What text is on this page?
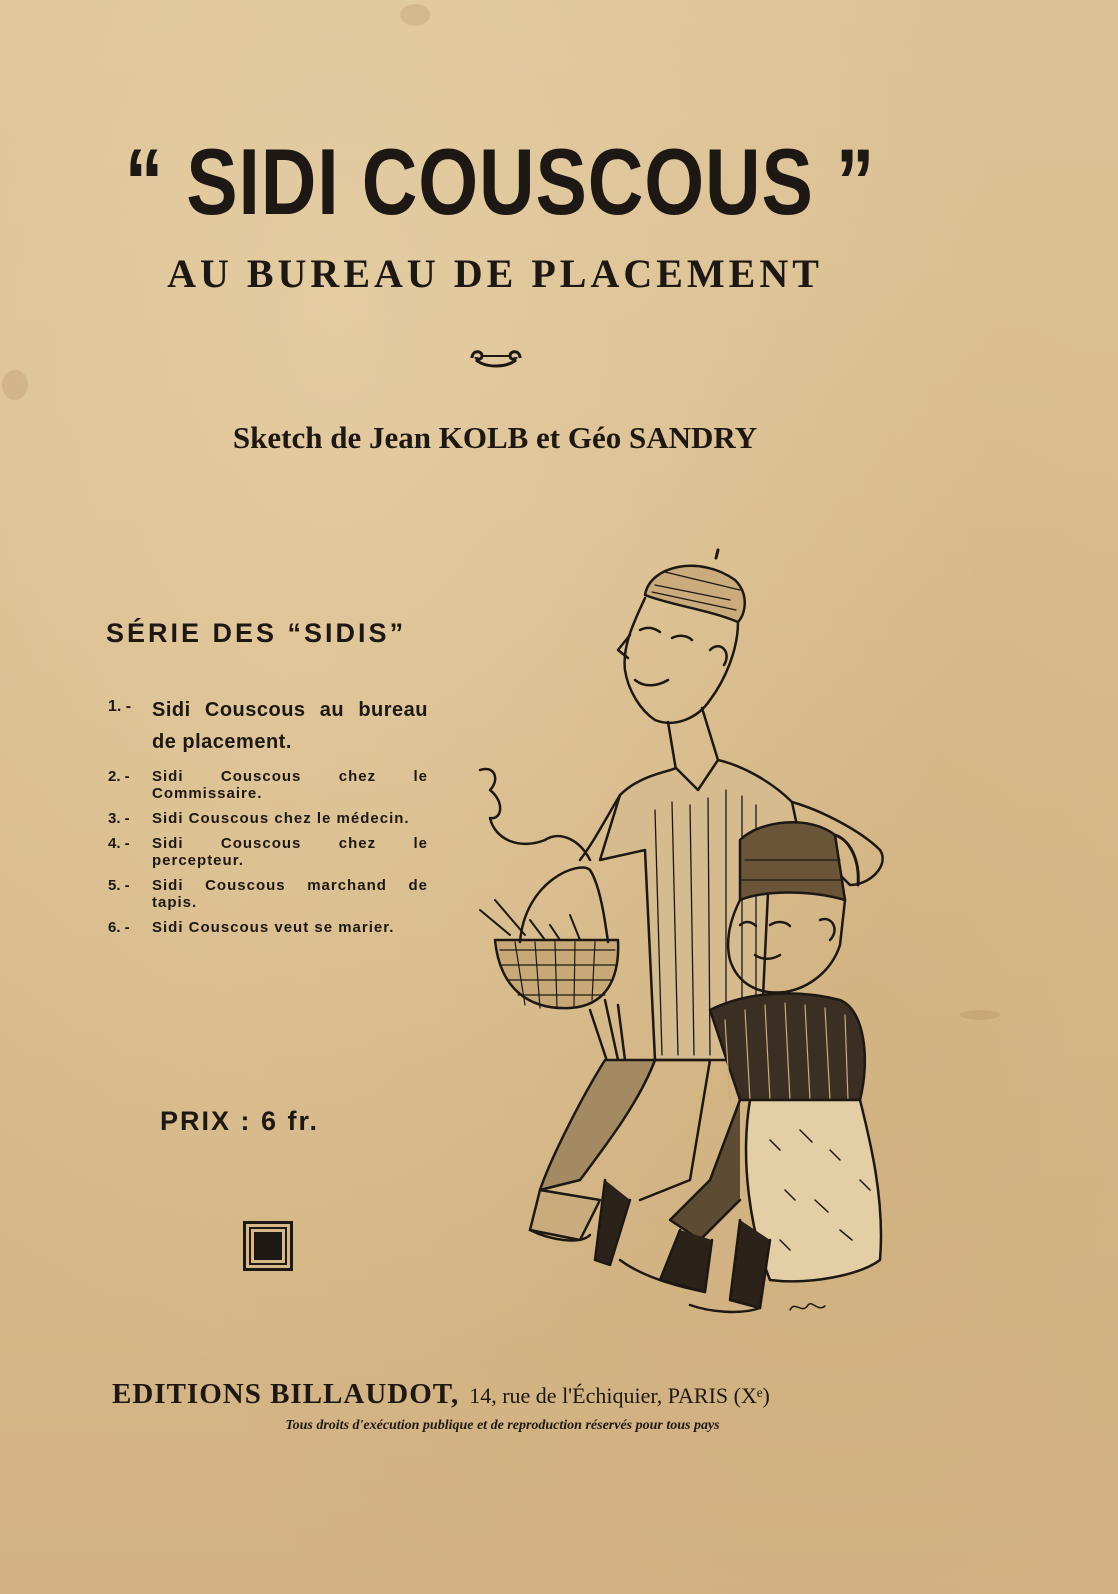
“ SIDI COUSCOUS ”
AU BUREAU DE PLACEMENT
Sketch de Jean KOLB et Géo SANDRY
SÉRIE DES “SIDIS”
1. -	Sidi Couscous au bureau de placement.
2. -	Sidi Couscous chez le Commissaire.
3. -	Sidi Couscous chez le médecin.
4. -	Sidi Couscous chez le percepteur.
5. -	Sidi Couscous marchand de tapis.
6. -	Sidi Couscous veut se marier.
PRIX : 6 fr.
EDITIONS BILLAUDOT, 14, rue de l'Échiquier, PARIS (Xᵉ)
Tous droits d'exécution publique et de reproduction réservés pour tous pays
